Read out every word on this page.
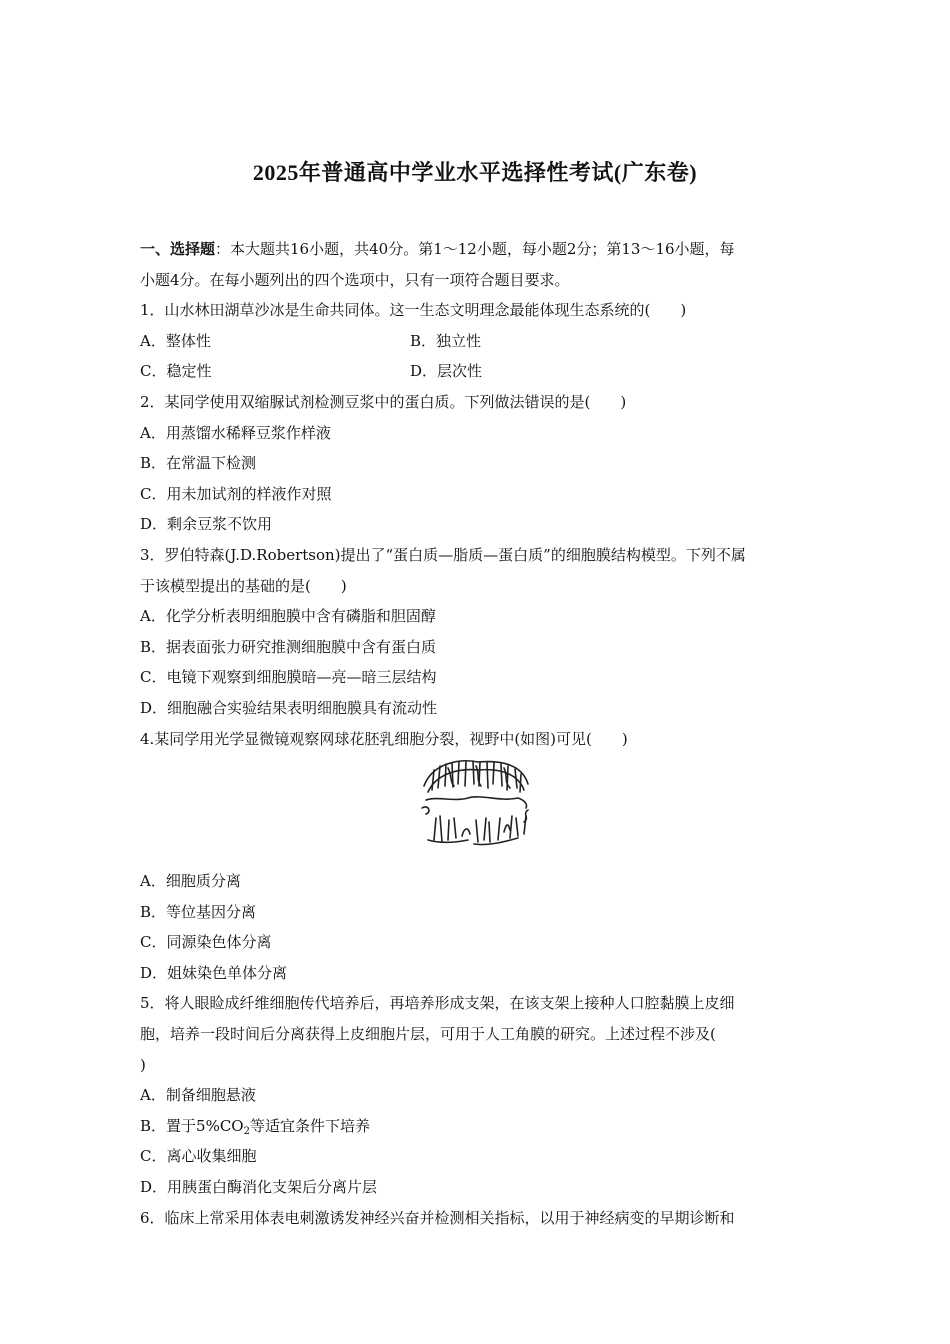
2025年普通高中学业水平选择性考试(广东卷)
一、选择题：本大题共16小题，共40分。第1～12小题，每小题2分；第13～16小题，每
小题4分。在每小题列出的四个选项中，只有一项符合题目要求。
1．山水林田湖草沙冰是生命共同体。这一生态文明理念最能体现生态系统的(　　)
A．整体性	B．独立性
C．稳定性	D．层次性
2．某同学使用双缩脲试剂检测豆浆中的蛋白质。下列做法错误的是(　　)
A．用蒸馏水稀释豆浆作样液
B．在常温下检测
C．用未加试剂的样液作对照
D．剩余豆浆不饮用
3．罗伯特森(J.D.Robertson)提出了“蛋白质—脂质—蛋白质”的细胞膜结构模型。下列不属
于该模型提出的基础的是(　　)
A．化学分析表明细胞膜中含有磷脂和胆固醇
B．据表面张力研究推测细胞膜中含有蛋白质
C．电镜下观察到细胞膜暗—亮—暗三层结构
D．细胞融合实验结果表明细胞膜具有流动性
4.某同学用光学显微镜观察网球花胚乳细胞分裂，视野中(如图)可见(　　)
A．细胞质分离
B．等位基因分离
C．同源染色体分离
D．姐妹染色单体分离
5．将人眼睑成纤维细胞传代培养后，再培养形成支架，在该支架上接种人口腔黏膜上皮细
胞，培养一段时间后分离获得上皮细胞片层，可用于人工角膜的研究。上述过程不涉及(
)
A．制备细胞悬液
B．置于$5\%CO_2$等适宜条件下培养
C．离心收集细胞
D．用胰蛋白酶消化支架后分离片层
6．临床上常采用体表电刺激诱发神经兴奋并检测相关指标，以用于神经病变的早期诊断和
